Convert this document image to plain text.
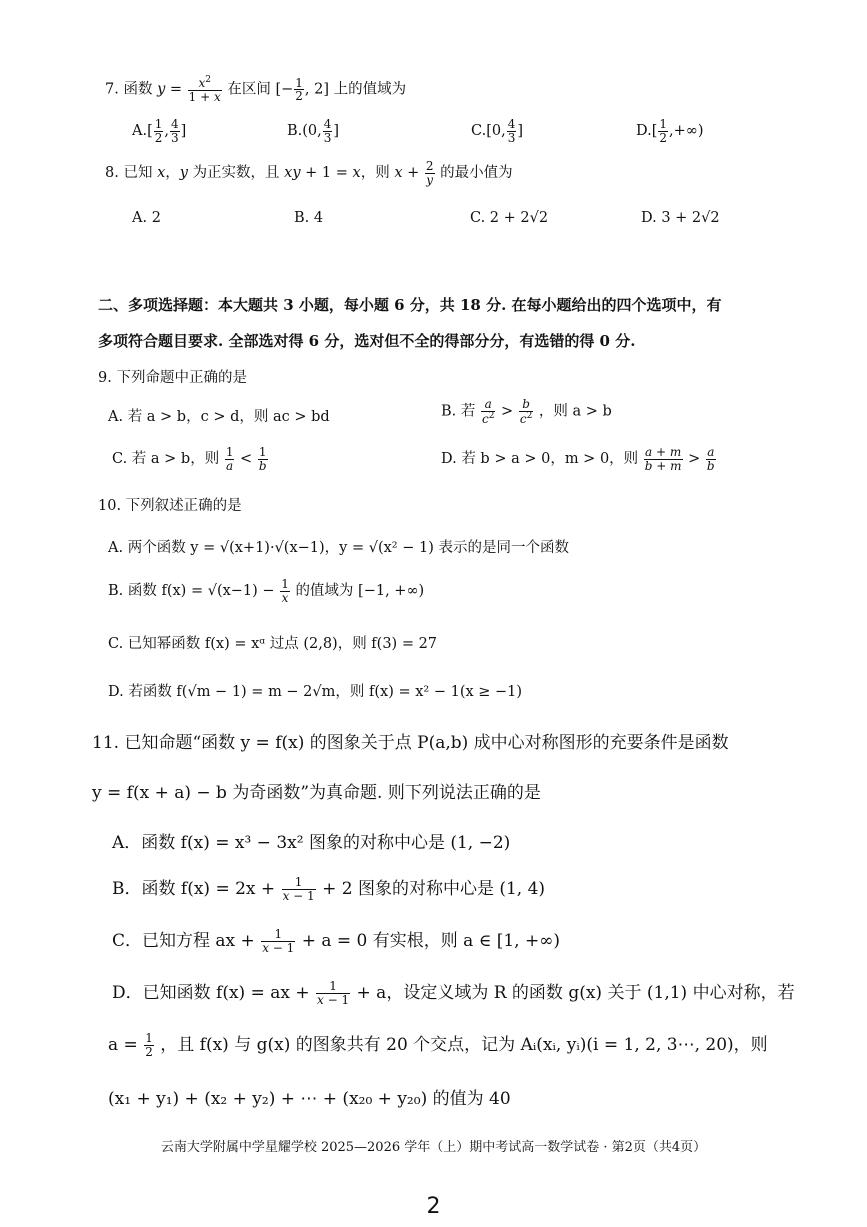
7. 函数 $y = \frac{x^2}{1 + x}$ 在区间 [− $\frac{1}{2}$ , 2] 上的值域为
$A.[ \frac{1}{2}$ , $\frac{4}{3}$ ]	B.(0, $\frac{4}{3}$ ]	C.[0, $\frac{4}{3}$ ]	$D.[ \frac{1}{2}$ ,+∞)
8. 已知 x，y 为正实数，且 xy + 1 = x，则 $x + \frac{2}{y}$ 的最小值为
A. 2	B. 4	C. 2 + 2√2	D. 3 + 2√2
二、多项选择题：本大题共 3 小题，每小题 6 分，共 18 分. 在每小题给出的四个选项中，有
多项符合题目要求. 全部选对得 6 分，选对但不全的得部分分，有选错的得 0 分.
9. 下列命题中正确的是
A. 若 a > b，c > d，则 ac > bd	B. 若 $\frac{a}{c^2} > \frac{b}{c^2}$ ，则 a > b
C. 若 a > b，则 $\frac{1}{a} < \frac{1}{b}$	D. 若 b > a > 0，m > 0，则 $\frac{a + m}{b + m} > \frac{a}{b}$
10. 下列叙述正确的是
A. 两个函数 y = √(x+1)·√(x−1)，y = √(x² − 1) 表示的是同一个函数
B. 函数 $f(x) = √(x-1) - \frac{1}{x}$ 的值域为 [−1, +∞)
C. 已知幂函数 f(x) = xᵅ 过点 (2,8)，则 f(3) = 27
D. 若函数 f(√m − 1) = m − 2√m，则 f(x) = x² − 1(x ≥ −1)
11. 已知命题“函数 y = f(x) 的图象关于点 P(a,b) 成中心对称图形的充要条件是函数
y = f(x + a) − b 为奇函数”为真命题. 则下列说法正确的是
A．函数 f(x) = x³ − 3x² 图象的对称中心是 (1, −2)
B．函数 $f(x) = 2x + \frac{1}{x - 1} + 2$ 图象的对称中心是 (1, 4)
C．已知方程 ax + $\frac{1}{x - 1} + a = 0$ 有实根，则 a ∈ [1, +∞)
D．已知函数 f(x) = ax + $\frac{1}{x - 1} + a$，设定义域为 R 的函数 g(x) 关于 (1,1) 中心对称，若
$a = \frac{1}{2}$ ，且 f(x) 与 g(x) 的图象共有 20 个交点，记为 Aᵢ(xᵢ, yᵢ)(i = 1, 2, 3⋯, 20)，则
(x₁ + y₁) + (x₂ + y₂) + ⋯ + (x₂₀ + y₂₀) 的值为 40
云南大学附属中学星耀学校 2025—2026 学年（上）期中考试高一数学试卷 · 第2页（共4页）
2
